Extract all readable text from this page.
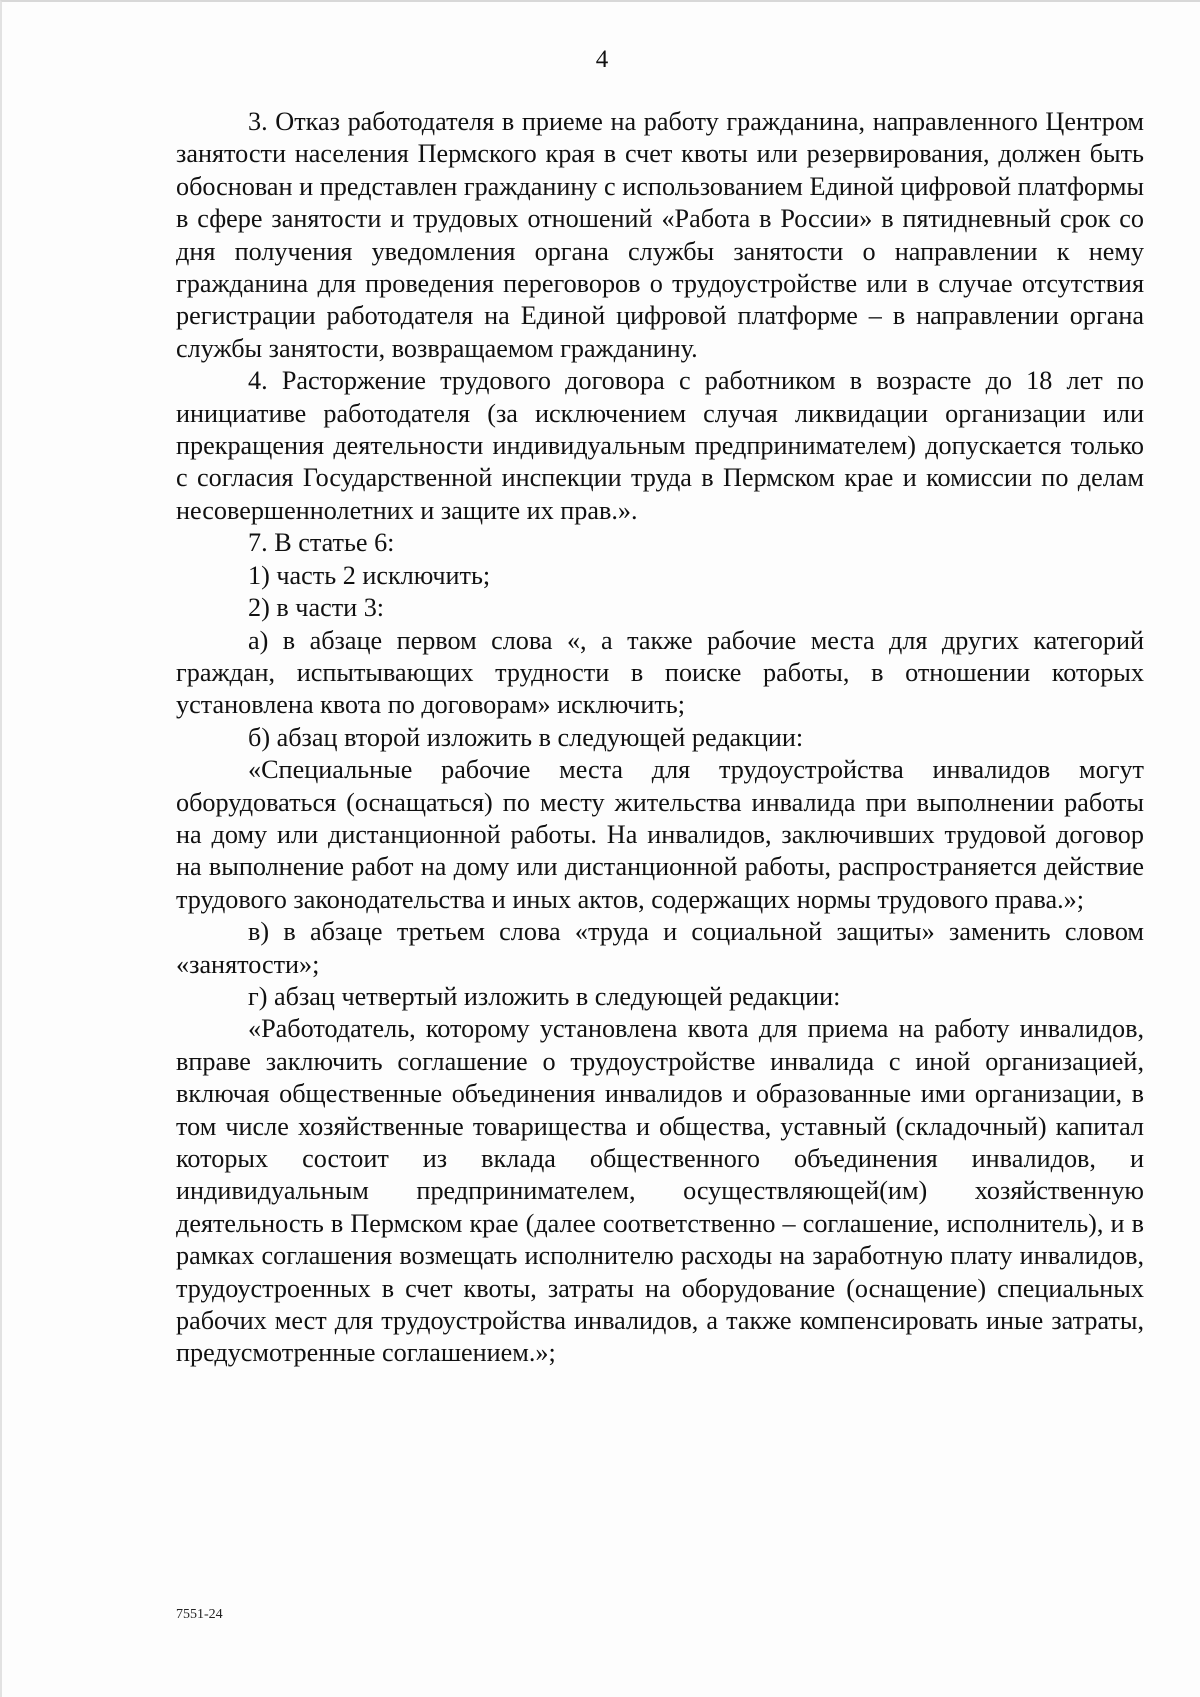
4

3. Отказ работодателя в приеме на работу гражданина, направленного Центром занятости населения Пермского края в счет квоты или резервирования, должен быть обоснован и представлен гражданину с использованием Единой цифровой платформы в сфере занятости и трудовых отношений «Работа в России» в пятидневный срок со дня получения уведомления органа службы занятости о направлении к нему гражданина для проведения переговоров о трудоустройстве или в случае отсутствия регистрации работодателя на Единой цифровой платформе – в направлении органа службы занятости, возвращаемом гражданину.

4. Расторжение трудового договора с работником в возрасте до 18 лет по инициативе работодателя (за исключением случая ликвидации организации или прекращения деятельности индивидуальным предпринимателем) допускается только с согласия Государственной инспекции труда в Пермском крае и комиссии по делам несовершеннолетних и защите их прав.».

7. В статье 6:

1) часть 2 исключить;

2) в части 3:

а) в абзаце первом слова «, а также рабочие места для других категорий граждан, испытывающих трудности в поиске работы, в отношении которых установлена квота по договорам» исключить;

б) абзац второй изложить в следующей редакции:

«Специальные рабочие места для трудоустройства инвалидов могут оборудоваться (оснащаться) по месту жительства инвалида при выполнении работы на дому или дистанционной работы. На инвалидов, заключивших трудовой договор на выполнение работ на дому или дистанционной работы, распространяется действие трудового законодательства и иных актов, содержащих нормы трудового права.»;

в) в абзаце третьем слова «труда и социальной защиты» заменить словом «занятости»;

г) абзац четвертый изложить в следующей редакции:

«Работодатель, которому установлена квота для приема на работу инвалидов, вправе заключить соглашение о трудоустройстве инвалида с иной организацией, включая общественные объединения инвалидов и образованные ими организации, в том числе хозяйственные товарищества и общества, уставный (складочный) капитал которых состоит из вклада общественного объединения инвалидов, и индивидуальным предпринимателем, осуществляющей(им) хозяйственную деятельность в Пермском крае (далее соответственно – соглашение, исполнитель), и в рамках соглашения возмещать исполнителю расходы на заработную плату инвалидов, трудоустроенных в счет квоты, затраты на оборудование (оснащение) специальных рабочих мест для трудоустройства инвалидов, а также компенсировать иные затраты, предусмотренные соглашением.»;

7551-24
